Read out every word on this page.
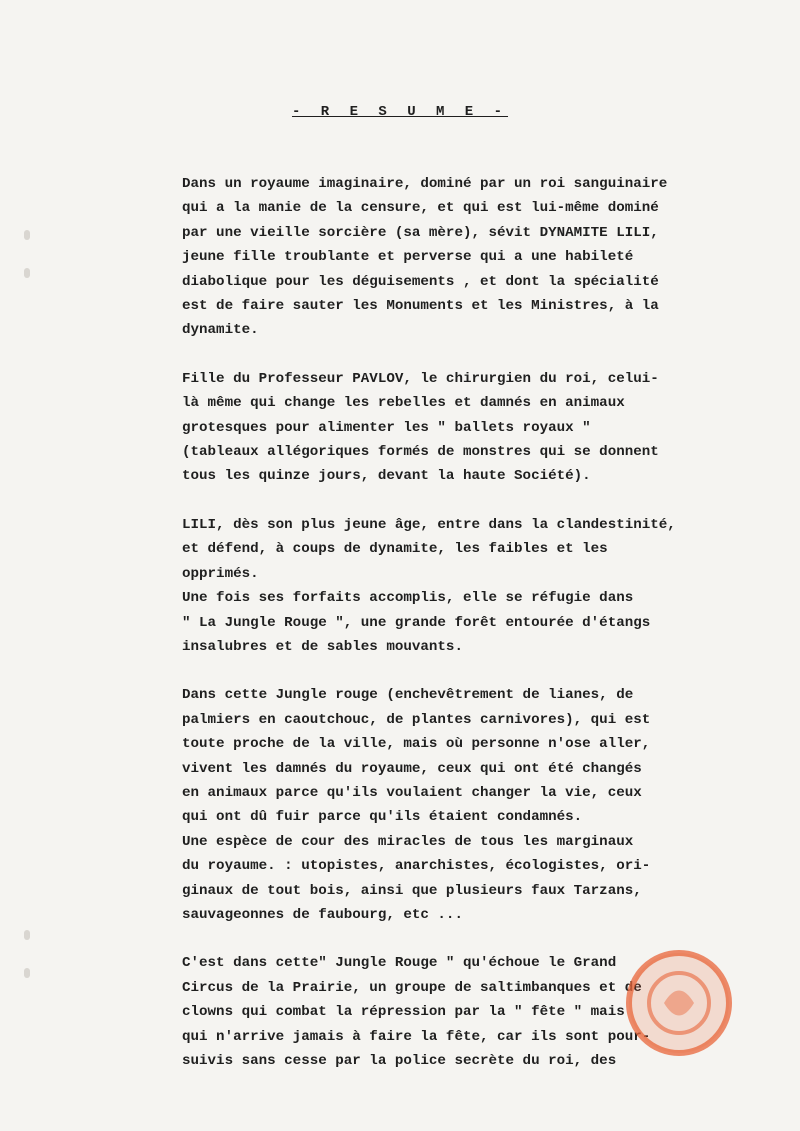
- R E S U M E -
Dans un royaume imaginaire, dominé par un roi sanguinaire
qui a la manie de la censure, et qui est lui-même dominé
par une vieille sorcière (sa mère), sévit DYNAMITE LILI,
jeune fille troublante et perverse qui a une habileté
diabolique pour les déguisements , et dont la spécialité
est de faire sauter les Monuments et les Ministres, à la
dynamite.
Fille du Professeur PAVLOV, le chirurgien du roi, celui-
là même qui change les rebelles et damnés en animaux
grotesques pour alimenter les " ballets royaux "
(tableaux allégoriques formés de monstres qui se donnent
tous les quinze jours, devant la haute Société).
LILI, dès son plus jeune âge, entre dans la clandestinité,
et défend, à coups de dynamite, les faibles et les
opprimés.
Une fois ses forfaits accomplis, elle se réfugie dans
" La Jungle Rouge ", une grande forêt entourée d'étangs
insalubres et de sables mouvants.
Dans cette Jungle rouge (enchevêtrement de lianes, de
palmiers en caoutchouc, de plantes carnivores), qui est
toute proche de la ville, mais où personne n'ose aller,
vivent les damnés du royaume, ceux qui ont été changés
en animaux parce qu'ils voulaient changer la vie, ceux
qui ont dû fuir parce qu'ils étaient condamnés.
Une espèce de cour des miracles de tous les marginaux
du royaume. : utopistes, anarchistes, écologistes, ori-
ginaux de tout bois, ainsi que plusieurs faux Tarzans,
sauvageonnes de faubourg, etc ...
C'est dans cette" Jungle Rouge " qu'échoue le Grand
Circus de la Prairie, un groupe de saltimbanques et de
clowns qui combat la répression par la " fête " mais
qui n'arrive jamais à faire la fête, car ils sont pour-
suivis sans cesse par la police secrète du roi, des
